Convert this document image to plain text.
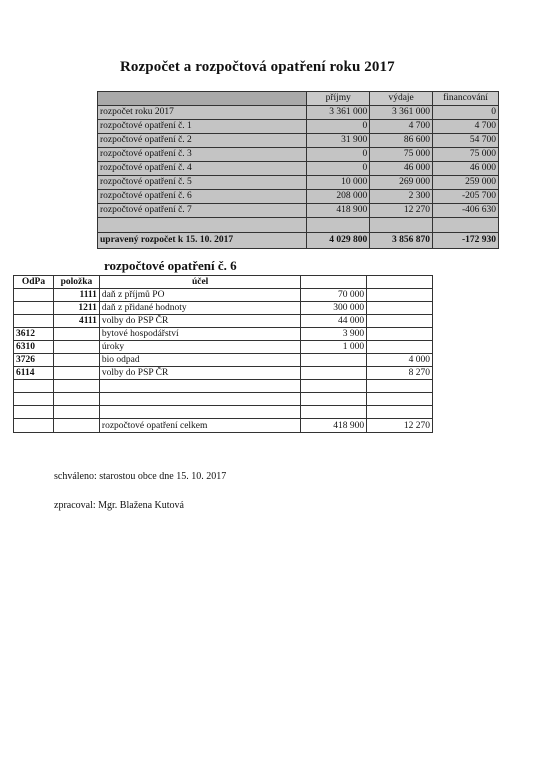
Rozpočet a rozpočtová opatření roku 2017
	příjmy	výdaje	financování
rozpočet roku 2017	3 361 000	3 361 000	0
rozpočtové opatření č. 1	0	4 700	4 700
rozpočtové opatření č. 2	31 900	86 600	54 700
rozpočtové opatření č. 3	0	75 000	75 000
rozpočtové opatření č. 4	0	46 000	46 000
rozpočtové opatření č. 5	10 000	269 000	259 000
rozpočtové opatření č. 6	208 000	2 300	-205 700
rozpočtové opatření č. 7	418 900	12 270	-406 630

upravený rozpočet k 15. 10. 2017	4 029 800	3 856 870	-172 930
rozpočtové opatření č. 6
OdPa	položka	účel		
	1111	daň z příjmů PO	70 000	
	1211	daň z přidané hodnoty	300 000	
	4111	volby do PSP ČR	44 000	
3612		bytové hospodářství	3 900	
6310		úroky	1 000	
3726		bio odpad		4 000
6114		volby do PSP ČR		8 270

		rozpočtové opatření celkem	418 900	12 270
schváleno: starostou obce dne 15. 10. 2017
zpracoval: Mgr. Blažena Kutová
